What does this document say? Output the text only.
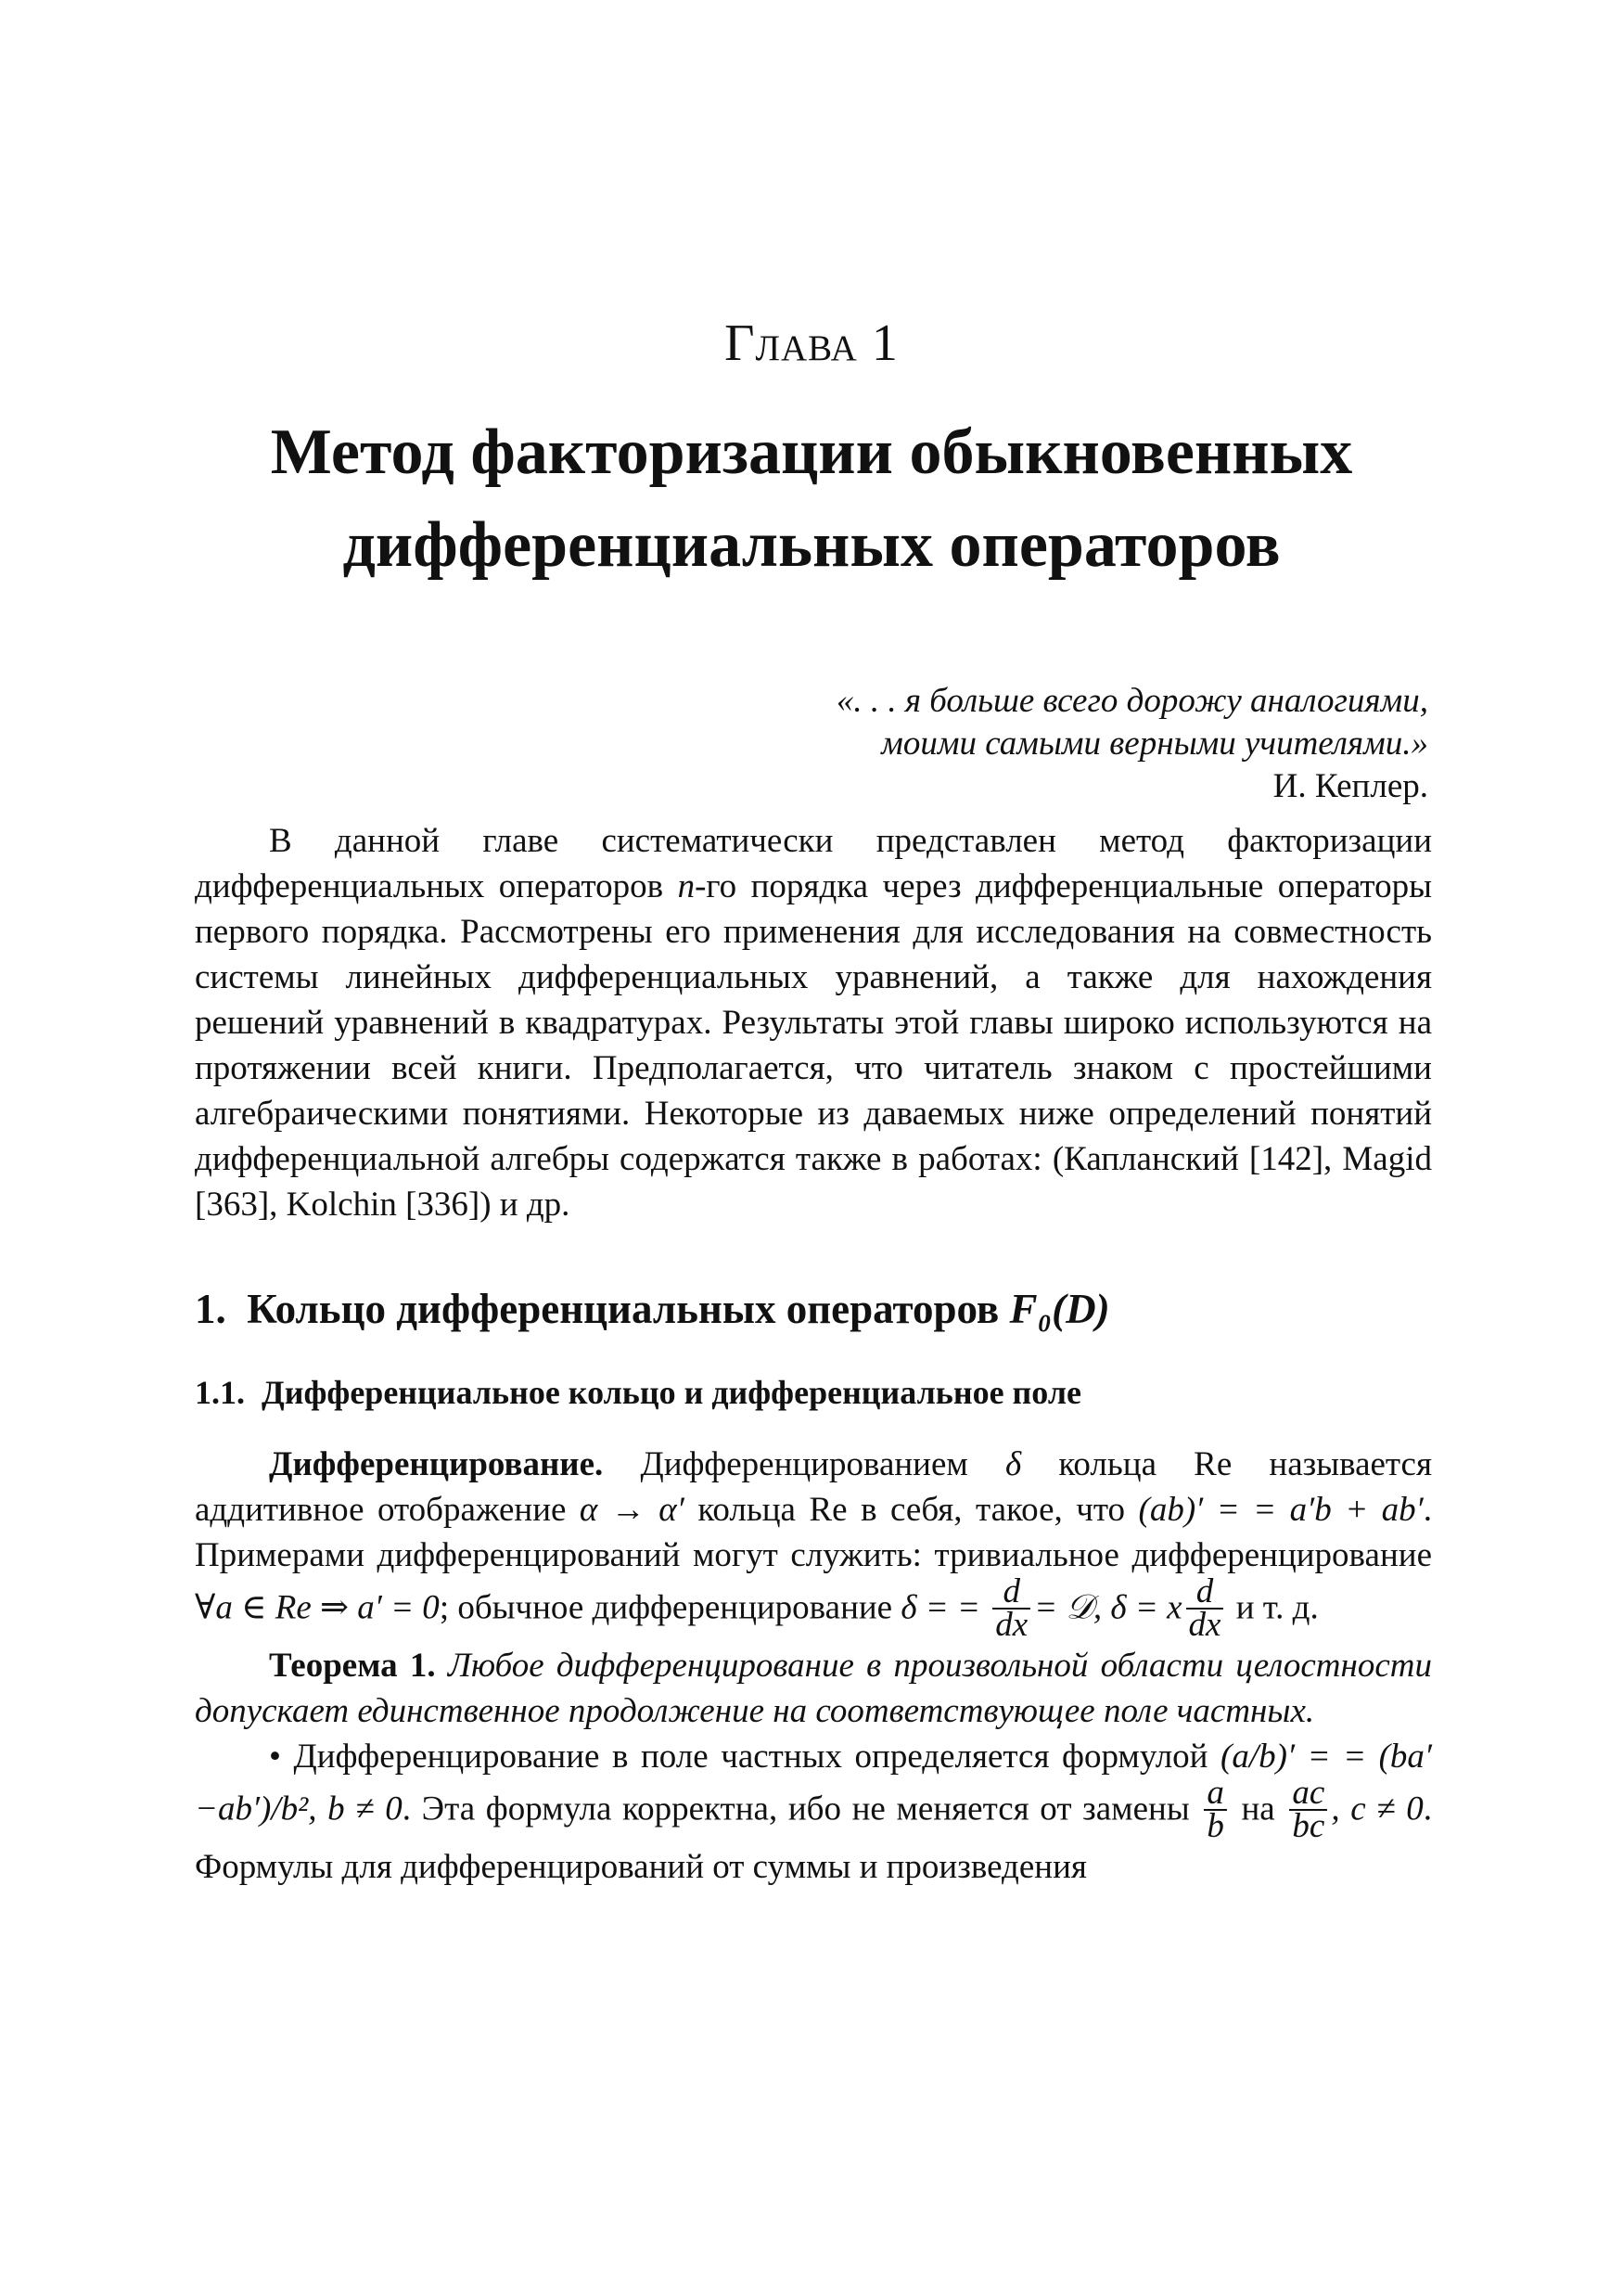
Глава 1
Метод факторизации обыкновенных
дифференциальных операторов
«. . . я больше всего дорожу аналогиями,
моими самыми верными учителями.»
И. Кеплер.

В данной главе систематически представлен метод факторизации дифференциальных операторов n-го порядка через дифференциальные операторы первого порядка. Рассмотрены его применения для исследования на совместность системы линейных дифференциальных уравнений, а также для нахождения решений уравнений в квадратурах. Результаты этой главы широко используются на протяжении всей книги. Предполагается, что читатель знаком с простейшими алгебраическими понятиями. Некоторые из даваемых ниже определений понятий дифференциальной алгебры содержатся также в работах: (Капланский [142], Magid [363], Kolchin [336]) и др.

1. Кольцо дифференциальных операторов F₀(D)
1.1. Дифференциальное кольцо и дифференциальное поле

Дифференцирование. Дифференцированием δ кольца Re называется аддитивное отображение α → α′ кольца Re в себя, такое, что (ab)′ = = a′b + ab′. Примерами дифференцирований могут служить: тривиальное дифференцирование ∀a ∈ Re ⇒ a′ = 0; обычное дифференцирование δ = = $\frac{d}{dx}$ = 𝒟, δ = x $\frac{d}{dx}$ и т. д.

Теорема 1. Любое дифференцирование в произвольной области целостности допускает единственное продолжение на соответствующее поле частных.

• Дифференцирование в поле частных определяется формулой (a/b)′ = = (ba′−ab′)/b², b ≠ 0. Эта формула корректна, ибо не меняется от замены $\frac{a}{b}$ на $\frac{ac}{bc}$ , c ≠ 0. Формулы для дифференцирований от суммы и произведения
